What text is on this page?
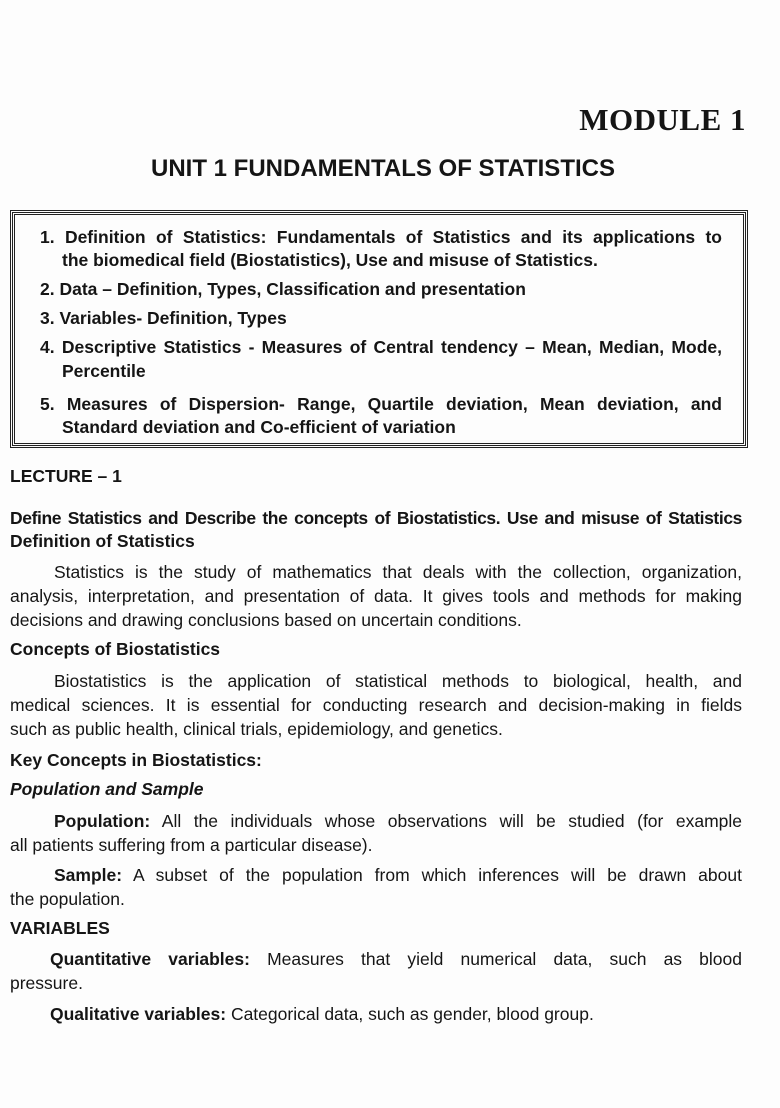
MODULE 1
UNIT 1 FUNDAMENTALS OF STATISTICS
1. Definition of Statistics: Fundamentals of Statistics and its applications to
the biomedical field (Biostatistics), Use and misuse of Statistics.
2. Data – Definition, Types, Classification and presentation
3. Variables- Definition, Types
4. Descriptive Statistics - Measures of Central tendency – Mean, Median, Mode,
Percentile
5. Measures of Dispersion- Range, Quartile deviation, Mean deviation, and
Standard deviation and Co-efficient of variation
LECTURE – 1
Define Statistics and Describe the concepts of Biostatistics. Use and misuse of Statistics
Definition of Statistics
Statistics is the study of mathematics that deals with the collection, organization,
analysis, interpretation, and presentation of data. It gives tools and methods for making
decisions and drawing conclusions based on uncertain conditions.
Concepts of Biostatistics
Biostatistics is the application of statistical methods to biological, health, and
medical sciences. It is essential for conducting research and decision-making in fields
such as public health, clinical trials, epidemiology, and genetics.
Key Concepts in Biostatistics:
Population and Sample
Population: All the individuals whose observations will be studied (for example
all patients suffering from a particular disease).
Sample: A subset of the population from which inferences will be drawn about
the population.
VARIABLES
Quantitative variables: Measures that yield numerical data, such as blood
pressure.
Qualitative variables: Categorical data, such as gender, blood group.
